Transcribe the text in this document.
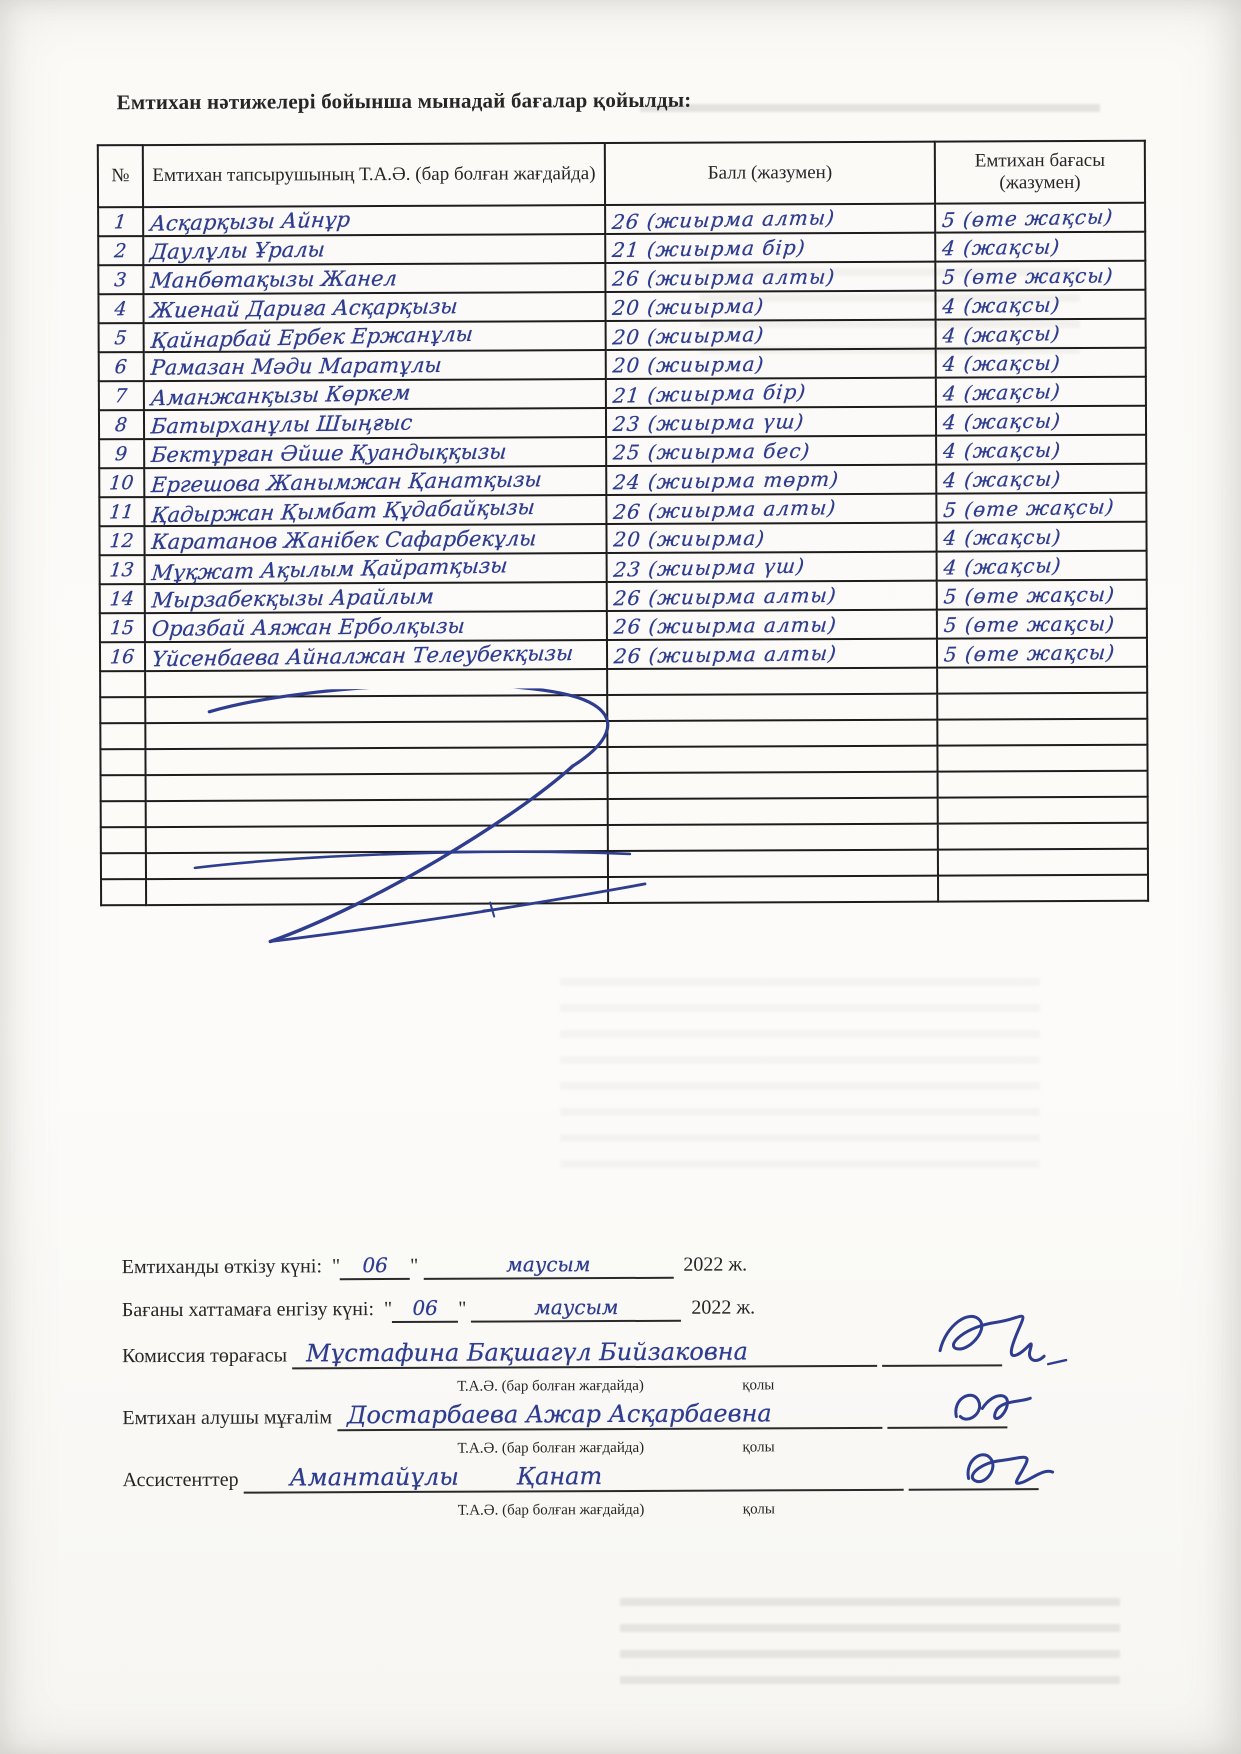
Емтихан нәтижелері бойынша мынадай бағалар қойылды:
№	Емтихан тапсырушының Т.А.Ә. (бар болған жағдайда)	Балл (жазумен)	Емтихан бағасы (жазумен)
1	Асқарқызы Айнұр	26 (жиырма алты)	5 (өте жақсы)
2	Даулұлы Ұралы	21 (жиырма бір)	4 (жақсы)
3	Манбөтақызы Жанел	26 (жиырма алты)	5 (өте жақсы)
4	Жиенай Дариға Асқарқызы	20 (жиырма)	4 (жақсы)
5	Қайнарбай Ербек Ержанұлы	20 (жиырма)	4 (жақсы)
6	Рамазан Мәди Маратұлы	20 (жиырма)	4 (жақсы)
7	Аманжанқызы Көркем	21 (жиырма бір)	4 (жақсы)
8	Батырханұлы Шыңғыс	23 (жиырма үш)	4 (жақсы)
9	Бектұрған Әйше Қуандыққызы	25 (жиырма бес)	4 (жақсы)
10	Ергешова Жанымжан Қанатқызы	24 (жиырма төрт)	4 (жақсы)
11	Қадыржан Қымбат Құдабайқызы	26 (жиырма алты)	5 (өте жақсы)
12	Каратанов Жанібек Сафарбекұлы	20 (жиырма)	4 (жақсы)
13	Мұқжат Ақылым Қайратқызы	23 (жиырма үш)	4 (жақсы)
14	Мырзабекқызы Арайлым	26 (жиырма алты)	5 (өте жақсы)
15	Оразбай Аяжан Ерболқызы	26 (жиырма алты)	5 (өте жақсы)
16	Үйсенбаева Айналжан Телеубекқызы	26 (жиырма алты)	5 (өте жақсы)

Емтиханды өткізу күні:  " 06 "	маусым	2022 ж.
Бағаны хаттамаға енгізу күні:  " 06 "	маусым	2022 ж.
Комиссия төрағасы Мұстафина Бақшагүл Бийзаковна
Т.А.Ә. (бар болған жағдайда)	қолы
Емтихан алушы мұғалім Достарбаева Ажар Асқарбаевна
Т.А.Ә. (бар болған жағдайда)	қолы
Ассистенттер Амантайұлы Қанат
Т.А.Ә. (бар болған жағдайда)	қолы
